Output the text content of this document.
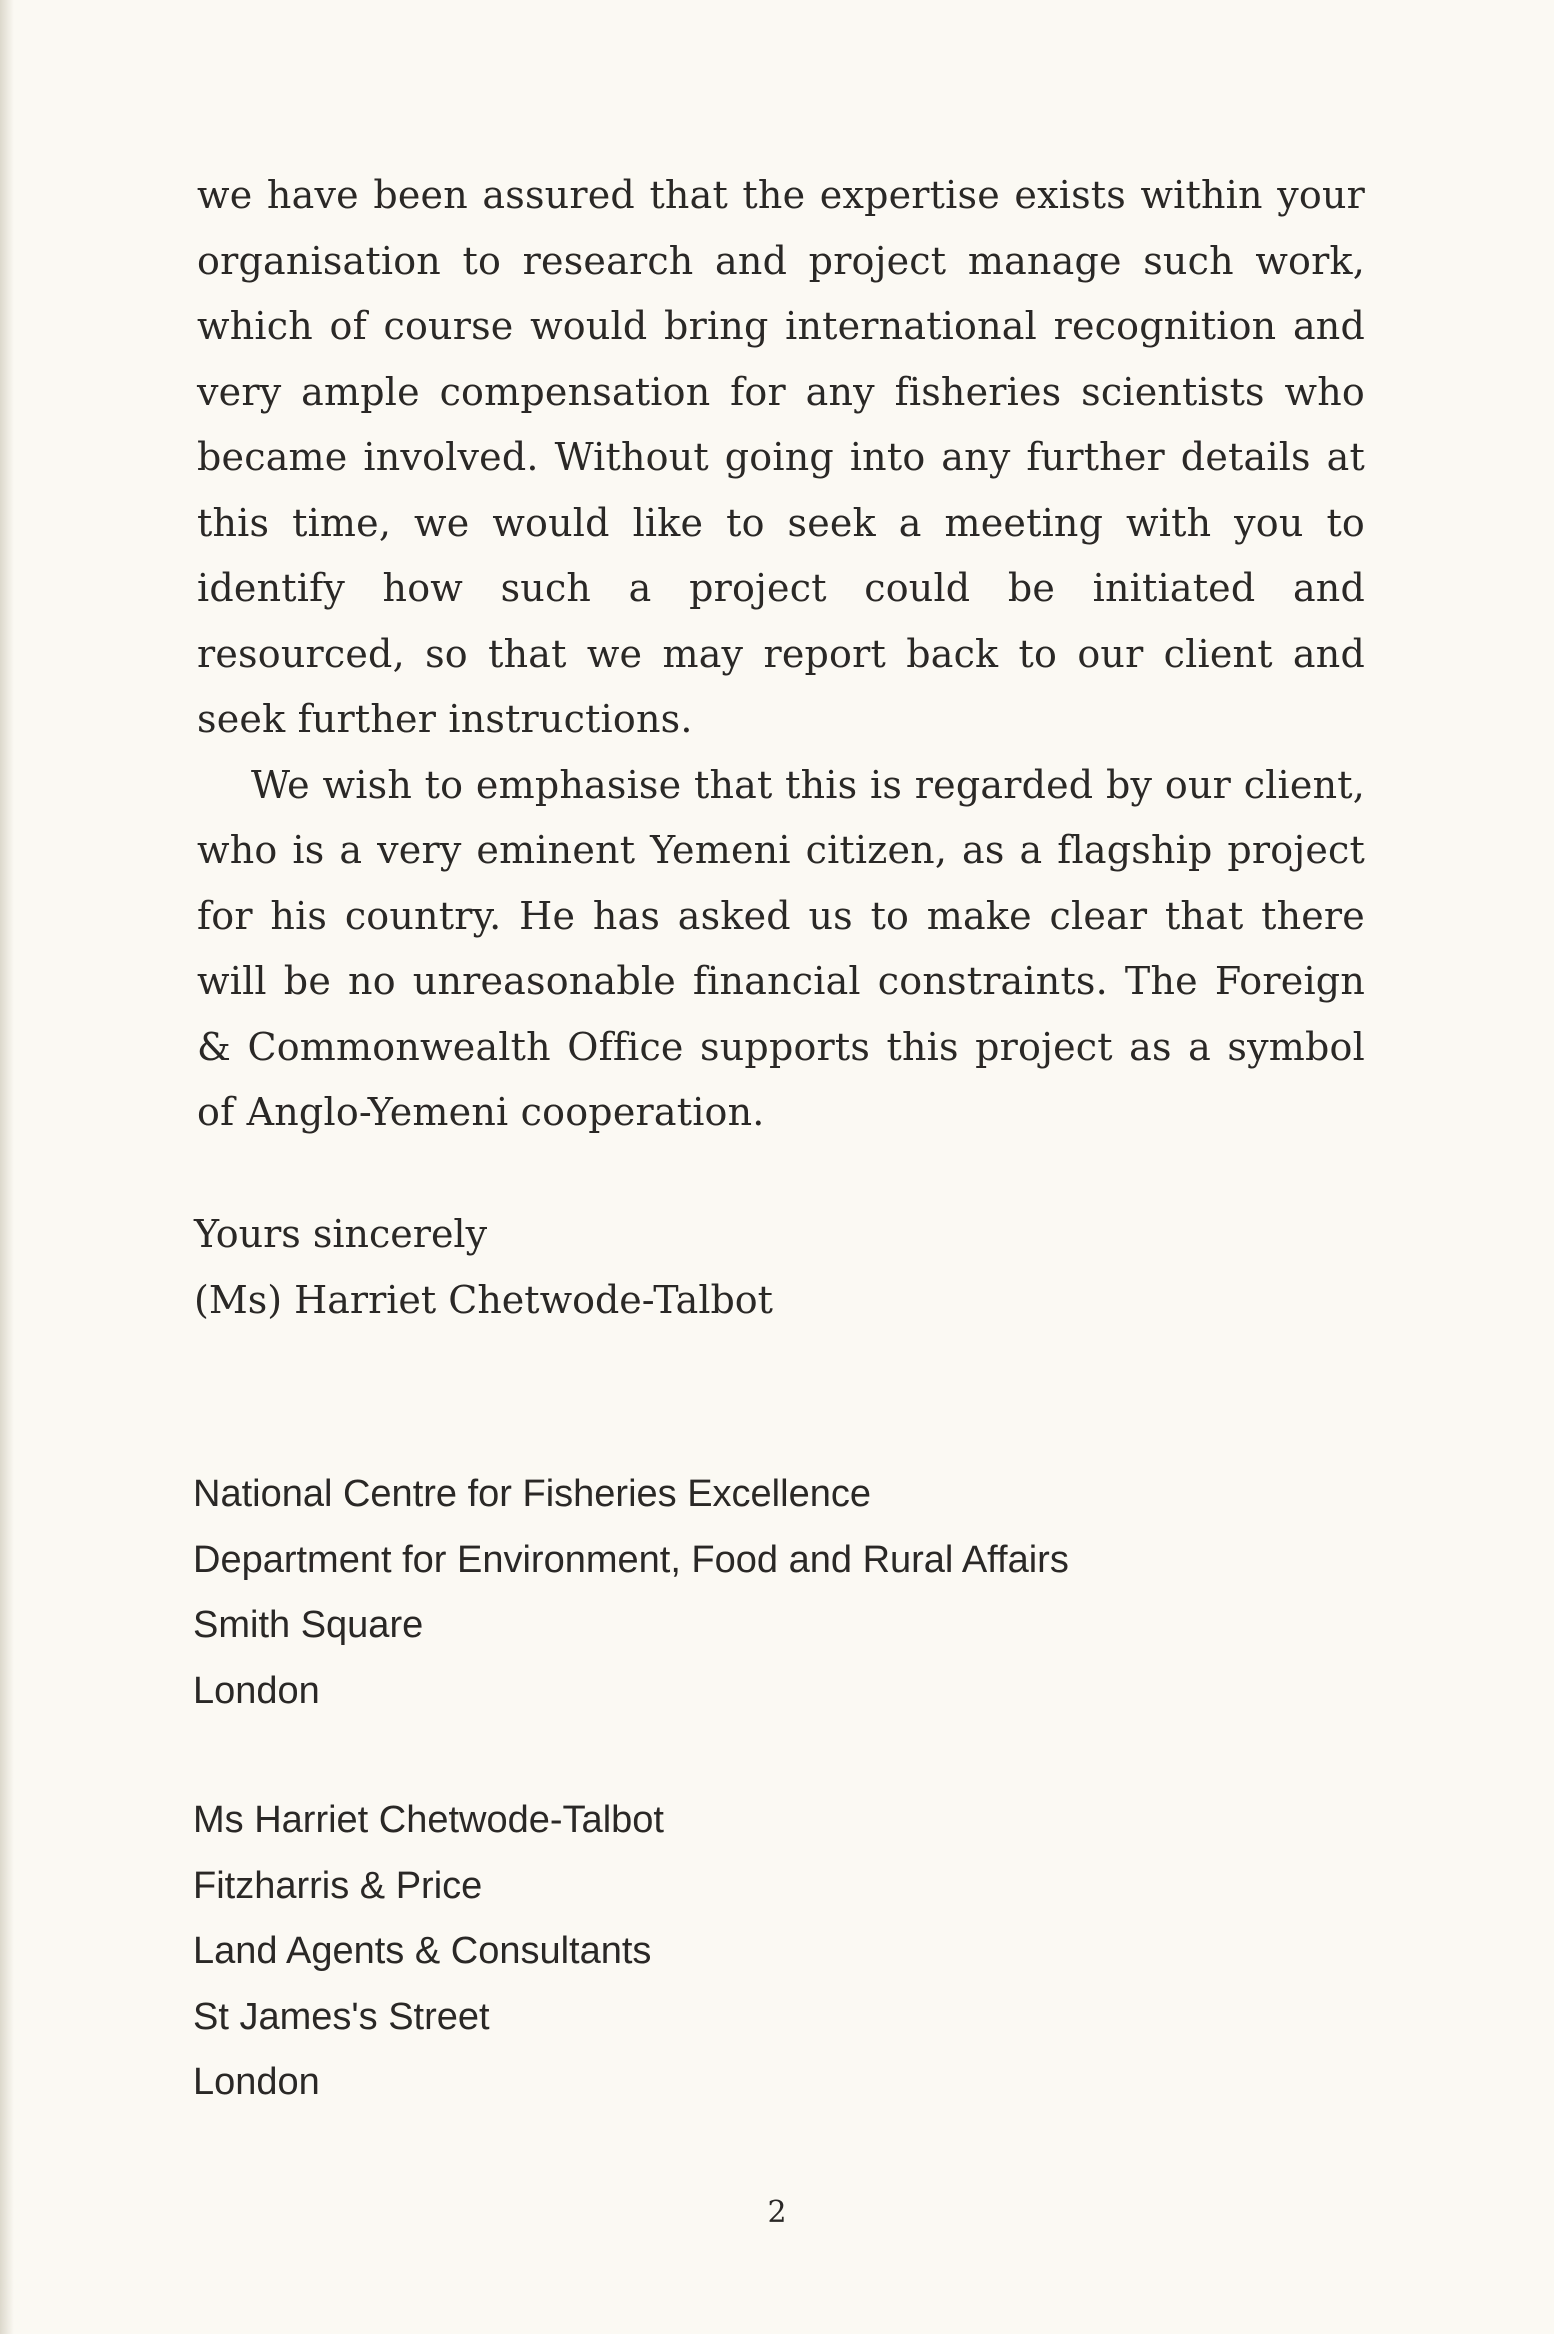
we have been assured that the expertise exists within your organisation to research and project manage such work, which of course would bring international recognition and very ample compensation for any fisheries scientists who became involved. Without going into any further details at this time, we would like to seek a meeting with you to identify how such a project could be initiated and resourced, so that we may report back to our client and seek further instructions.

We wish to emphasise that this is regarded by our client, who is a very eminent Yemeni citizen, as a flagship project for his country. He has asked us to make clear that there will be no unreasonable financial constraints. The Foreign & Commonwealth Office supports this project as a symbol of Anglo-Yemeni cooperation.

Yours sincerely
(Ms) Harriet Chetwode-Talbot
National Centre for Fisheries Excellence
Department for Environment, Food and Rural Affairs
Smith Square
London
Ms Harriet Chetwode-Talbot
Fitzharris & Price
Land Agents & Consultants
St James's Street
London
2
